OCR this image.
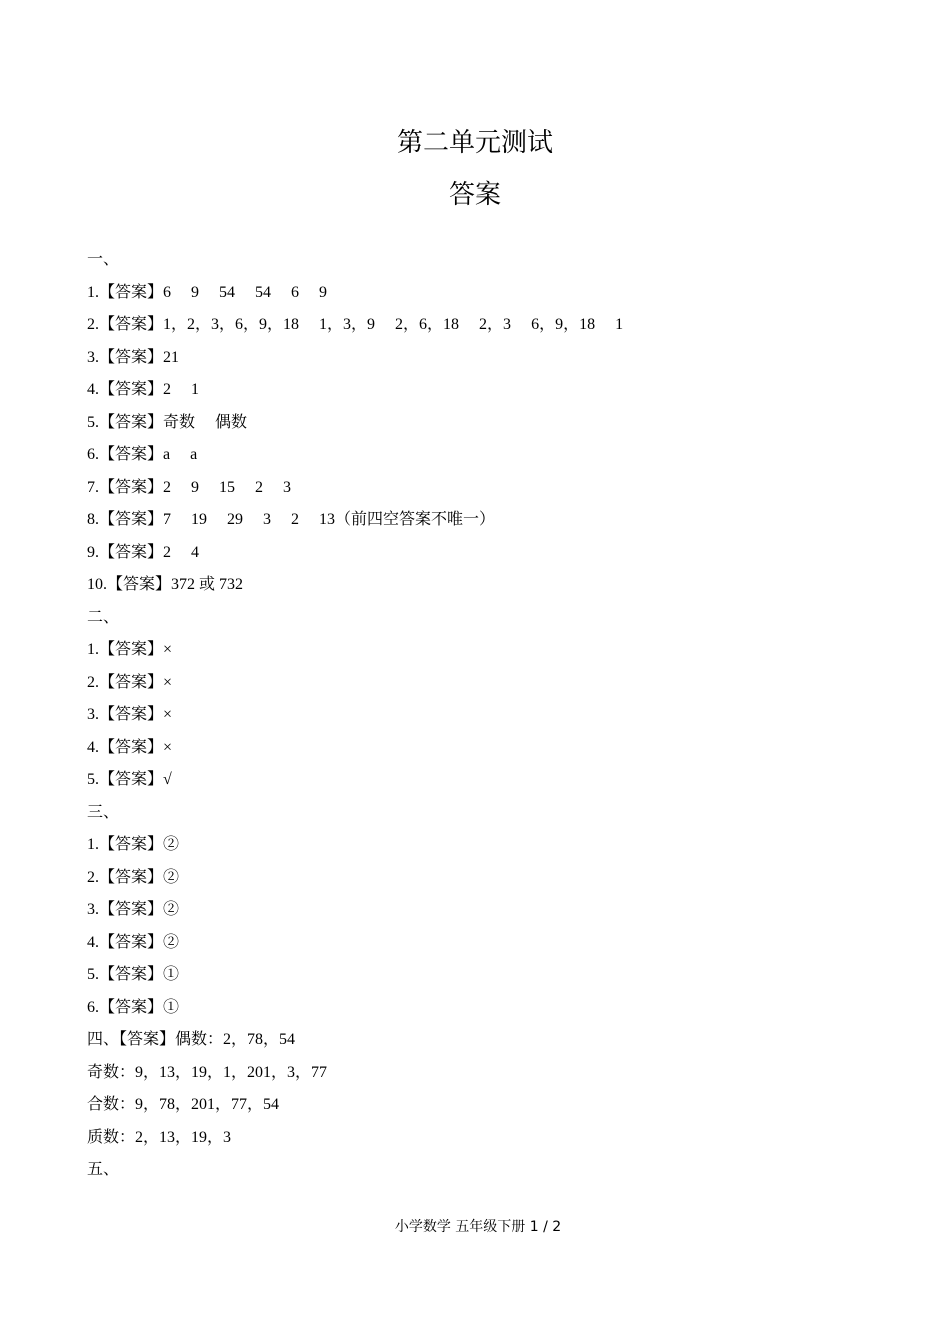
第二单元测试
答案
一、
1.【答案】6 9 54 54 6 9
2.【答案】1，2，3，6，9，18 1，3，9 2，6，18 2，3 6，9，18 1
3.【答案】21
4.【答案】2 1
5.【答案】奇数 偶数
6.【答案】a a
7.【答案】2 9 15 2 3
8.【答案】7 19 29 3 2 13（前四空答案不唯一）
9.【答案】2 4
10.【答案】372 或 732
二、
1.【答案】×
2.【答案】×
3.【答案】×
4.【答案】×
5.【答案】√
三、
1.【答案】②
2.【答案】②
3.【答案】②
4.【答案】②
5.【答案】①
6.【答案】①
四、【答案】偶数：2，78，54
奇数：9，13，19，1，201，3，77
合数：9，78，201，77，54
质数：2，13，19，3
五、
小学数学 五年级下册 1 / 2
